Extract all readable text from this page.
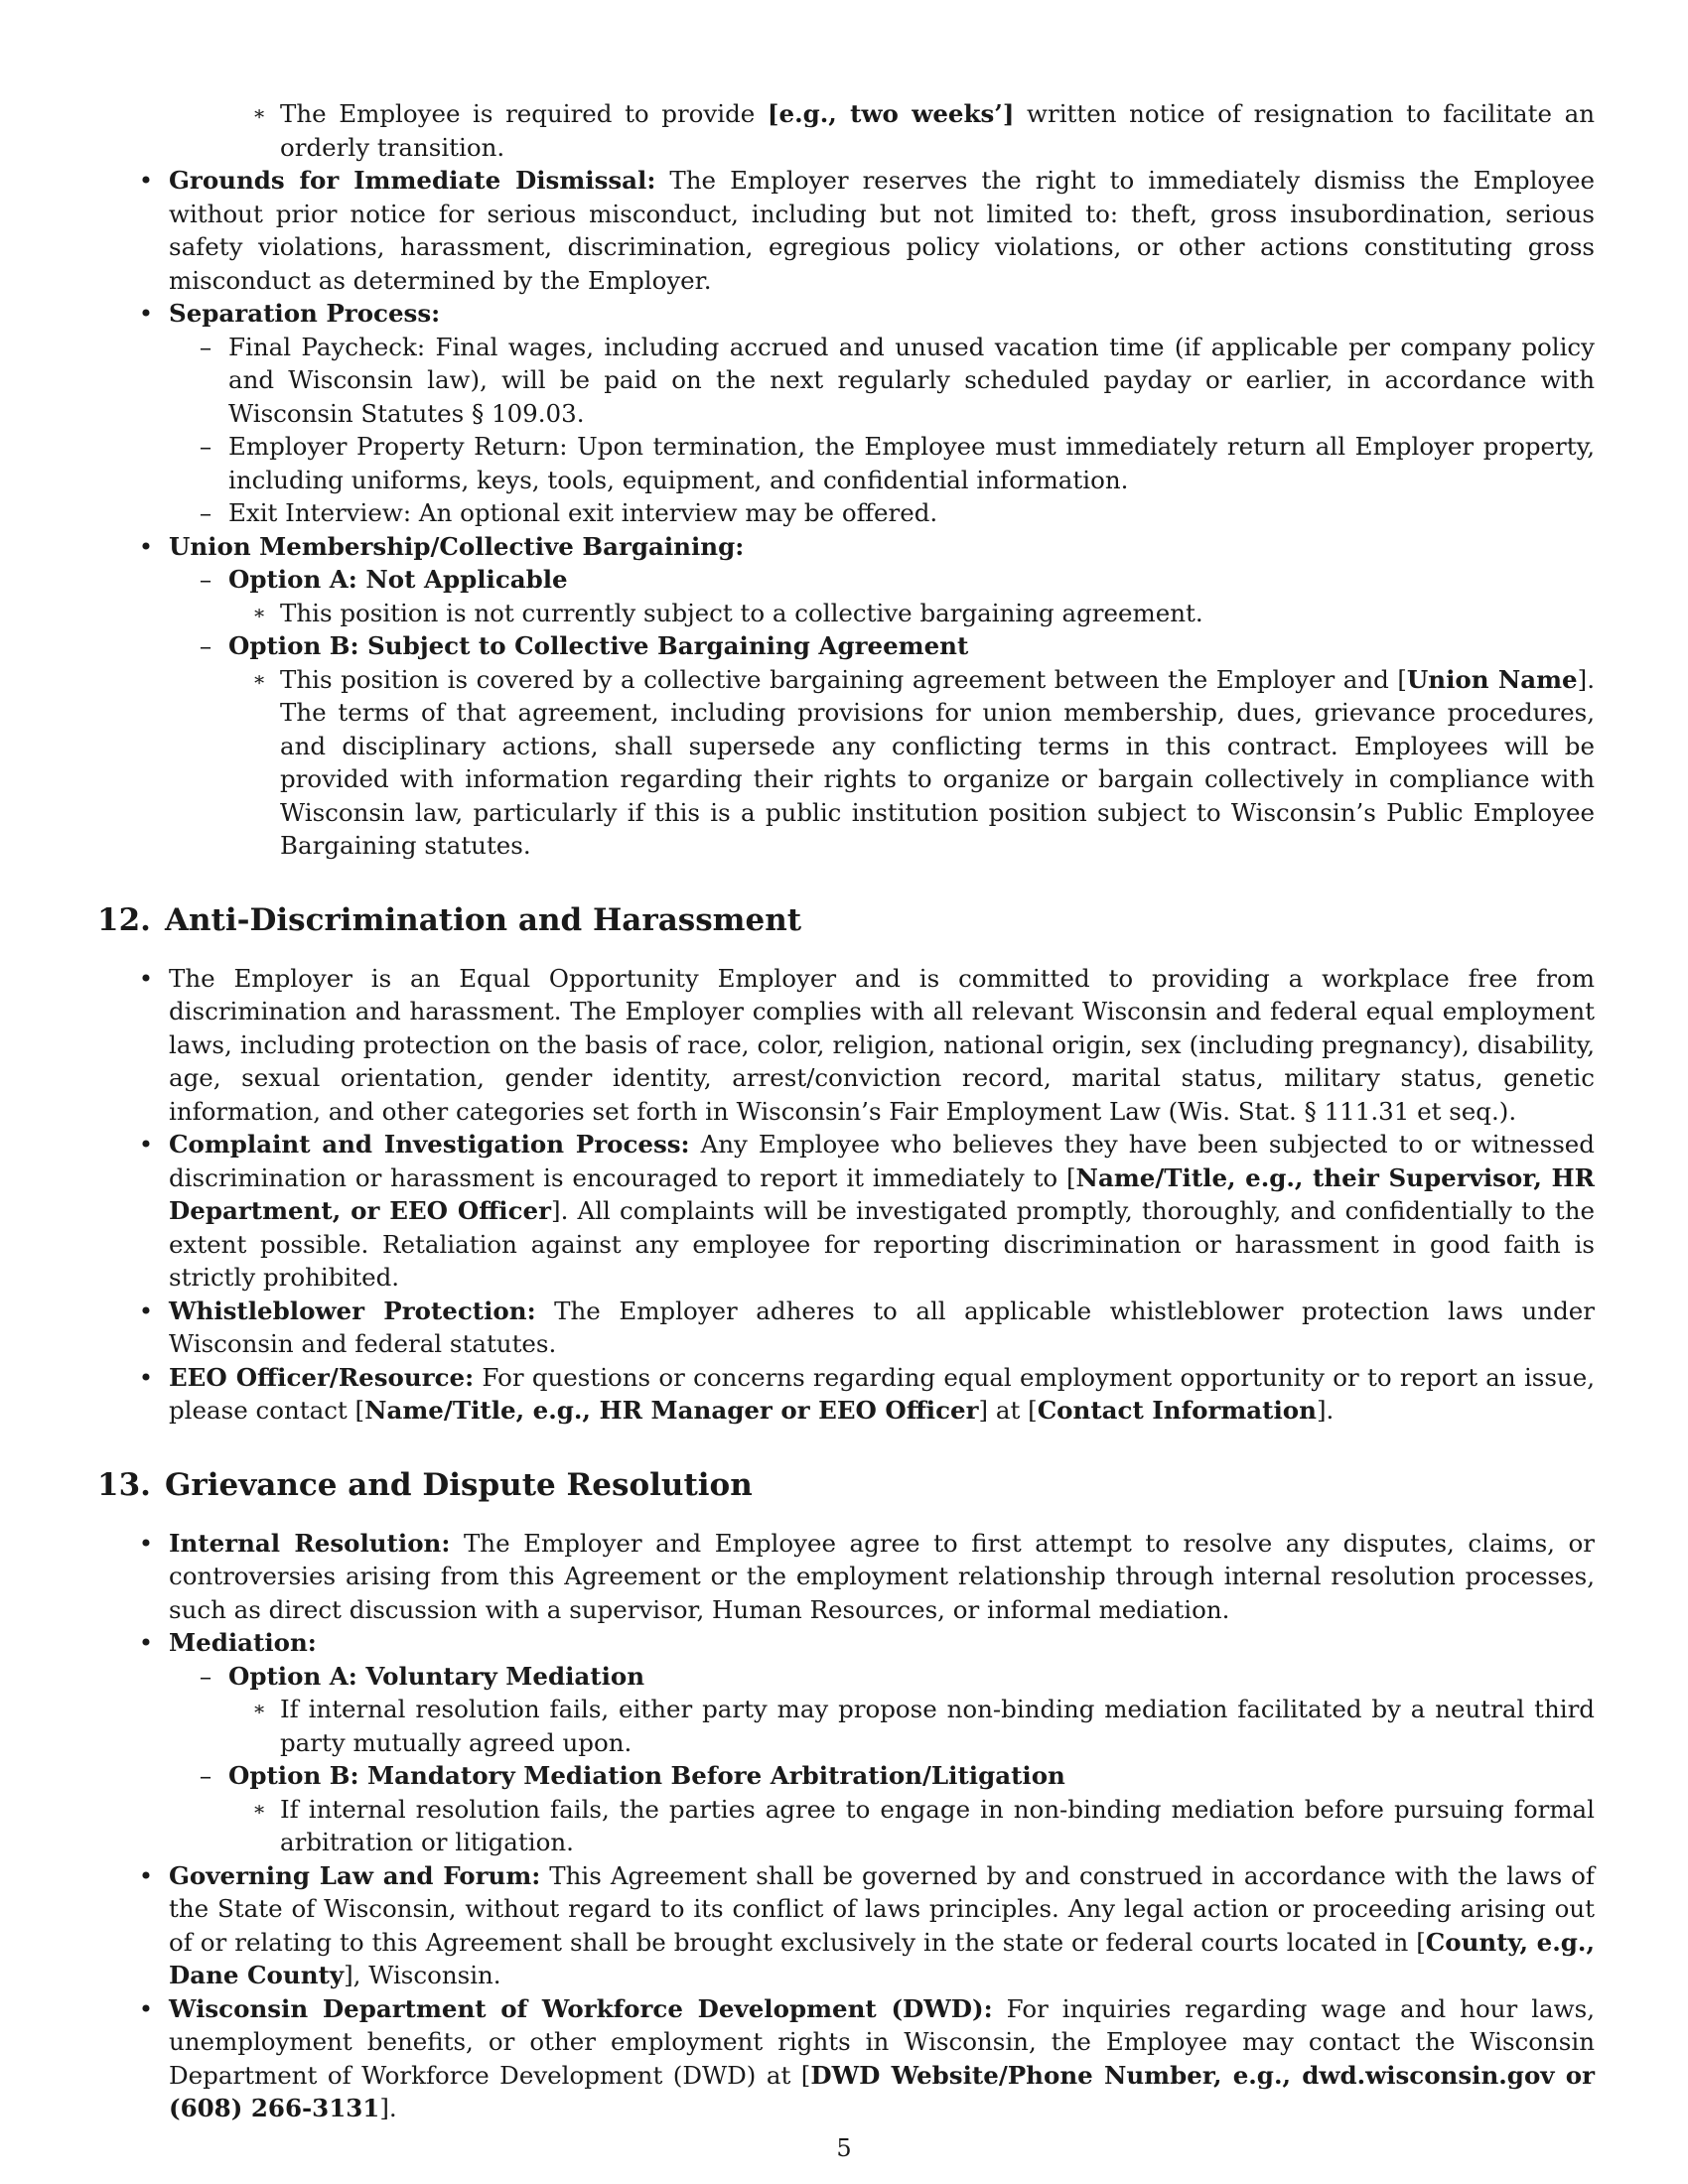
∗ The Employee is required to provide [e.g., two weeks’] written notice of resignation to facilitate an orderly transition.
• Grounds for Immediate Dismissal: The Employer reserves the right to immediately dismiss the Employee without prior notice for serious misconduct, including but not limited to: theft, gross insubordination, serious safety violations, harassment, discrimination, egregious policy violations, or other actions constituting gross misconduct as determined by the Employer.
• Separation Process:
– Final Paycheck: Final wages, including accrued and unused vacation time (if applicable per company policy and Wisconsin law), will be paid on the next regularly scheduled payday or earlier, in accordance with Wisconsin Statutes § 109.03.
– Employer Property Return: Upon termination, the Employee must immediately return all Employer property, including uniforms, keys, tools, equipment, and confidential information.
– Exit Interview: An optional exit interview may be offered.
• Union Membership/Collective Bargaining:
– Option A: Not Applicable
∗ This position is not currently subject to a collective bargaining agreement.
– Option B: Subject to Collective Bargaining Agreement
∗ This position is covered by a collective bargaining agreement between the Employer and [Union Name]. The terms of that agreement, including provisions for union membership, dues, grievance procedures, and disciplinary actions, shall supersede any conflicting terms in this contract. Employees will be provided with information regarding their rights to organize or bargain collectively in compliance with Wisconsin law, particularly if this is a public institution position subject to Wisconsin’s Public Employee Bargaining statutes.
12. Anti-Discrimination and Harassment
• The Employer is an Equal Opportunity Employer and is committed to providing a workplace free from discrimination and harassment. The Employer complies with all relevant Wisconsin and federal equal employment laws, including protection on the basis of race, color, religion, national origin, sex (including pregnancy), disability, age, sexual orientation, gender identity, arrest/conviction record, marital status, military status, genetic information, and other categories set forth in Wisconsin’s Fair Employment Law (Wis. Stat. § 111.31 et seq.).
• Complaint and Investigation Process: Any Employee who believes they have been subjected to or witnessed discrimination or harassment is encouraged to report it immediately to [Name/Title, e.g., their Supervisor, HR Department, or EEO Officer]. All complaints will be investigated promptly, thoroughly, and confidentially to the extent possible. Retaliation against any employee for reporting discrimination or harassment in good faith is strictly prohibited.
• Whistleblower Protection: The Employer adheres to all applicable whistleblower protection laws under Wisconsin and federal statutes.
• EEO Officer/Resource: For questions or concerns regarding equal employment opportunity or to report an issue, please contact [Name/Title, e.g., HR Manager or EEO Officer] at [Contact Information].
13. Grievance and Dispute Resolution
• Internal Resolution: The Employer and Employee agree to first attempt to resolve any disputes, claims, or controversies arising from this Agreement or the employment relationship through internal resolution processes, such as direct discussion with a supervisor, Human Resources, or informal mediation.
• Mediation:
– Option A: Voluntary Mediation
∗ If internal resolution fails, either party may propose non-binding mediation facilitated by a neutral third party mutually agreed upon.
– Option B: Mandatory Mediation Before Arbitration/Litigation
∗ If internal resolution fails, the parties agree to engage in non-binding mediation before pursuing formal arbitration or litigation.
• Governing Law and Forum: This Agreement shall be governed by and construed in accordance with the laws of the State of Wisconsin, without regard to its conflict of laws principles. Any legal action or proceeding arising out of or relating to this Agreement shall be brought exclusively in the state or federal courts located in [County, e.g., Dane County], Wisconsin.
• Wisconsin Department of Workforce Development (DWD): For inquiries regarding wage and hour laws, unemployment benefits, or other employment rights in Wisconsin, the Employee may contact the Wisconsin Department of Workforce Development (DWD) at [DWD Website/Phone Number, e.g., dwd.wisconsin.gov or (608) 266-3131].
5
